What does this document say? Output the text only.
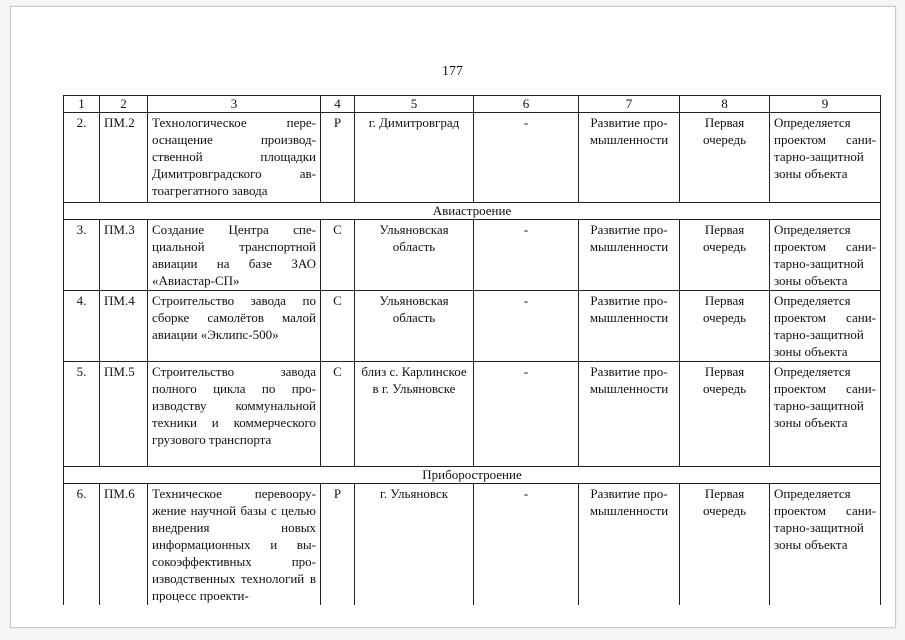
177
1	2	3	4	5	6	7	8	9
2.	ПМ.2	Технологическое переоснащение производственной площадки Димитровградского автоагрегатного завода	Р	г. Димитровград	-	Развитие промышленности	Первая очередь	Определяется проектом санитарно-защитной зоны объекта
Авиастроение								
3.	ПМ.3	Создание Центра специальной транспортной авиации на базе ЗАО «Авиастар-СП»	С	Ульяновская область	-	Развитие промышленности	Первая очередь	Определяется проектом санитарно-защитной зоны объекта
4.	ПМ.4	Строительство завода по сборке самолётов малой авиации «Эклипс-500»	С	Ульяновская область	-	Развитие промышленности	Первая очередь	Определяется проектом санитарно-защитной зоны объекта
5.	ПМ.5	Строительство завода полного цикла по производству коммунальной техники и коммерческого грузового транспорта	С	близ с. Карлинское в г. Ульяновске	-	Развитие промышленности	Первая очередь	Определяется проектом санитарно-защитной зоны объекта
Приборостроение								
6.	ПМ.6	Техническое перевооружение научной базы с целью внедрения новых информационных и высокоэффективных производственных технологий в процесс проекти-	Р	г. Ульяновск	-	Развитие промышленности	Первая очередь	Определяется проектом санитарно-защитной зоны объекта
